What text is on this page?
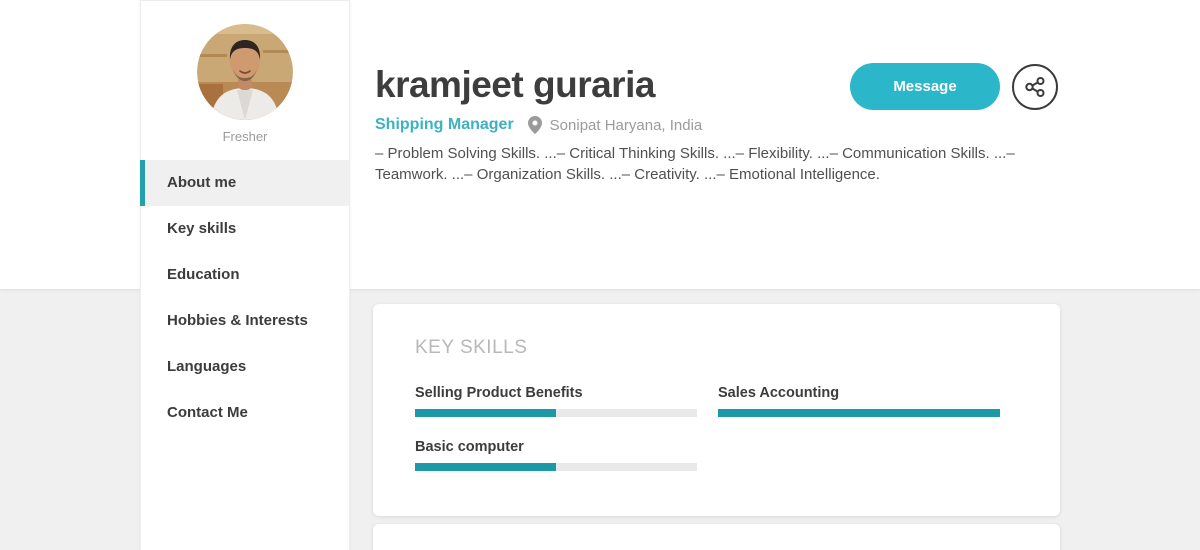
Fresher
About me
Key skills
Education
Hobbies & Interests
Languages
Contact Me
kramjeet guraria
Shipping Manager Sonipat Haryana, India
– Problem Solving Skills. ...– Critical Thinking Skills. ...– Flexibility. ...– Communication Skills. ...– Teamwork. ...– Organization Skills. ...– Creativity. ...– Emotional Intelligence.
Message
KEY SKILLS
Selling Product Benefits	Sales Accounting
Basic computer
